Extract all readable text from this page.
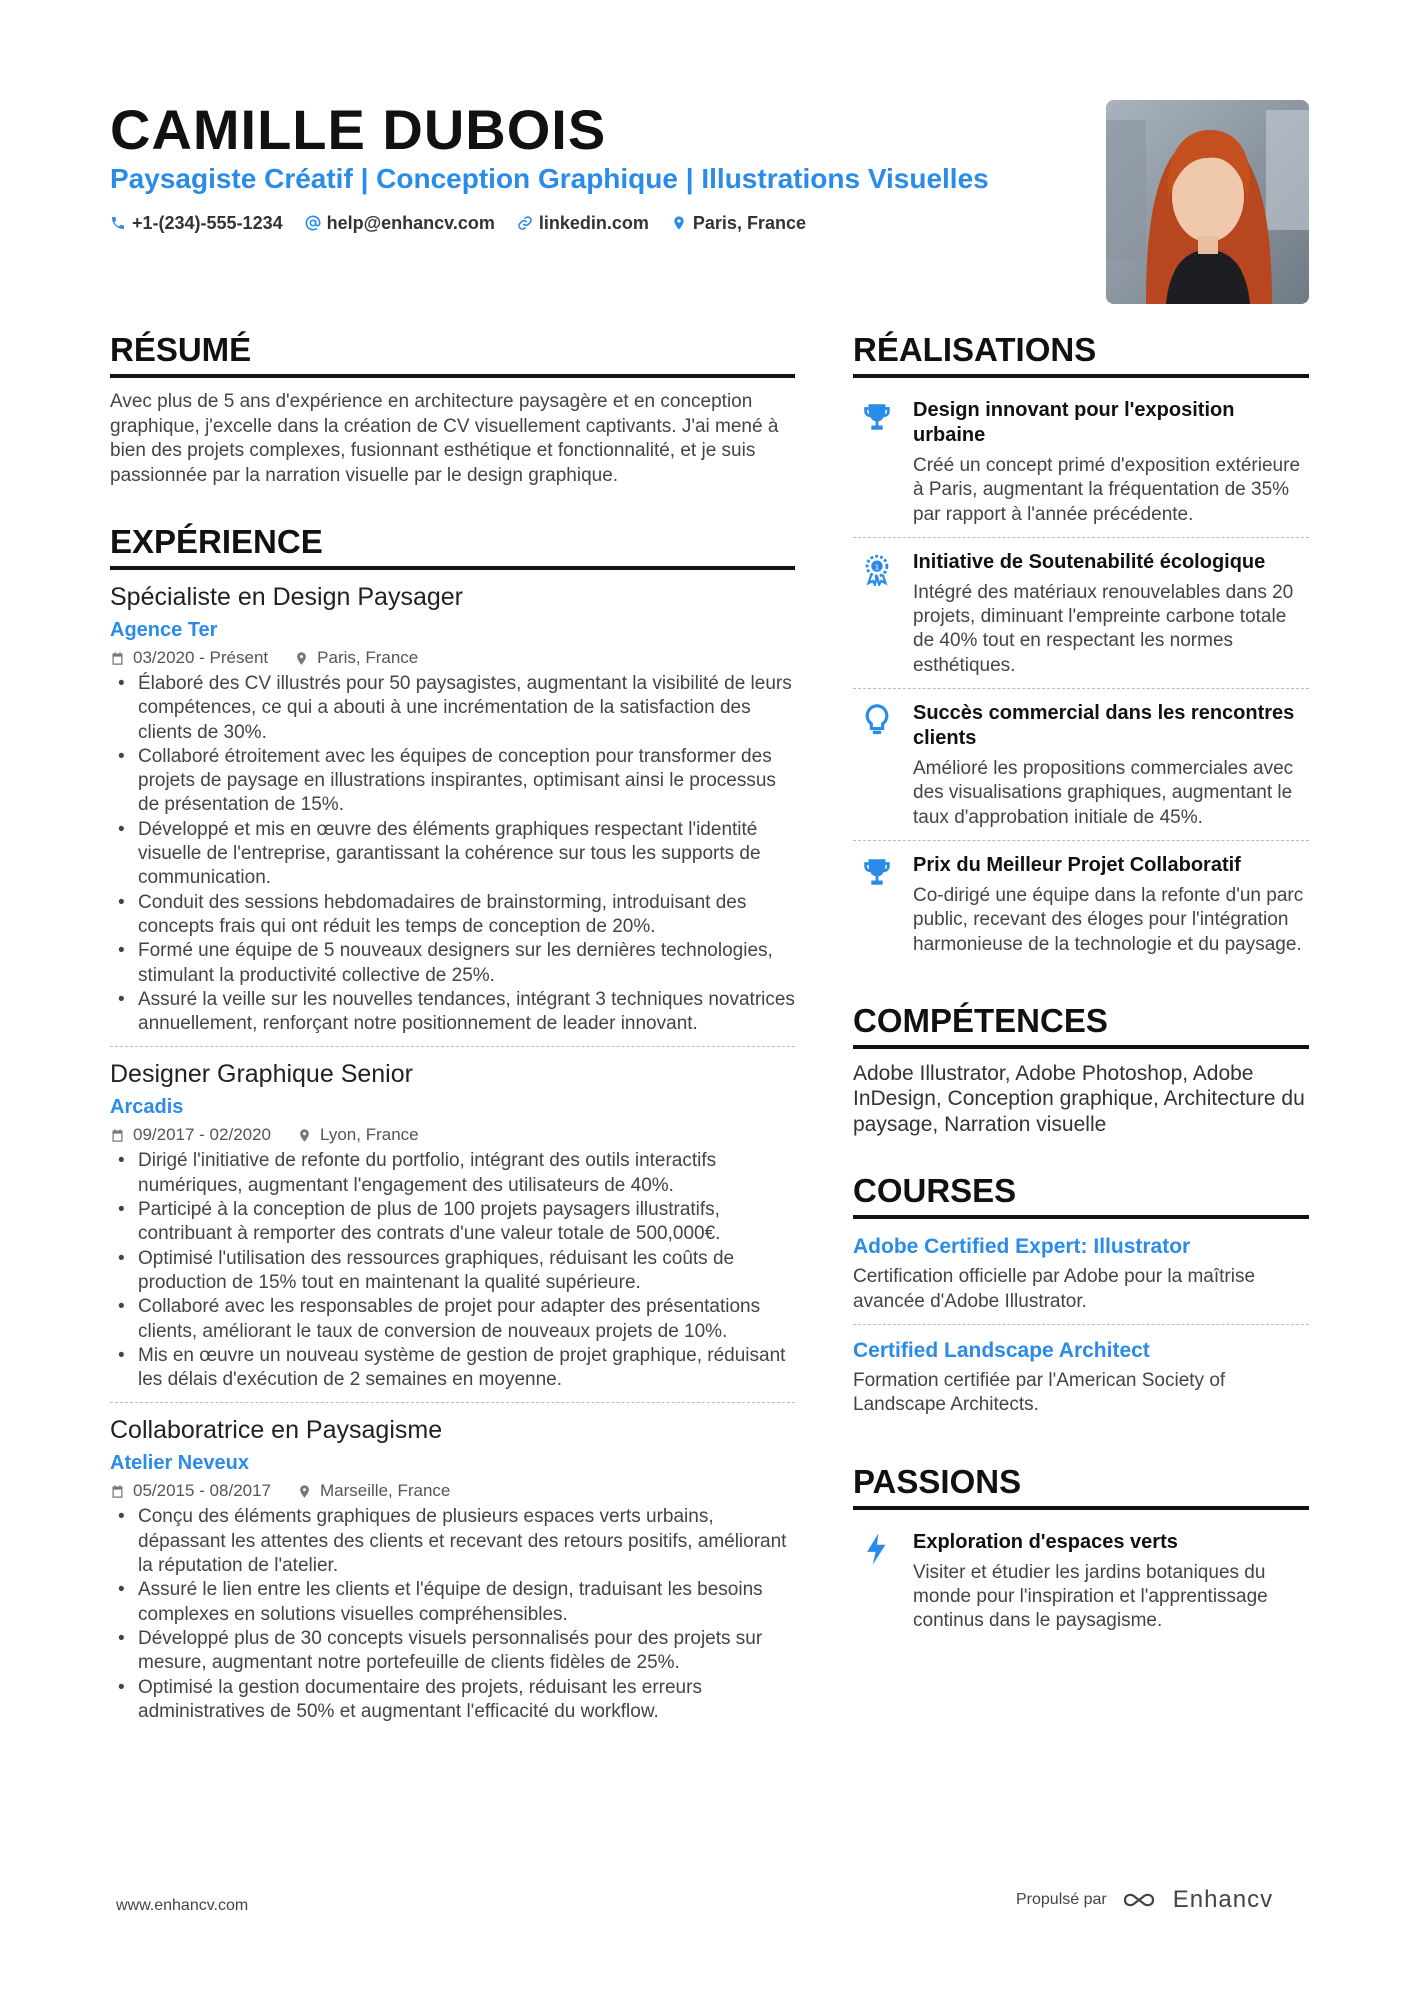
CAMILLE DUBOIS
Paysagiste Créatif | Conception Graphique | Illustrations Visuelles
+1-(234)-555-1234 help@enhancv.com linkedin.com Paris, France
RÉSUMÉ

Avec plus de 5 ans d'expérience en architecture paysagère et en conception graphique, j'excelle dans la création de CV visuellement captivants. J'ai mené à bien des projets complexes, fusionnant esthétique et fonctionnalité, et je suis passionnée par la narration visuelle par le design graphique.

EXPÉRIENCE
Spécialiste en Design Paysager
Agence Ter
03/2020 - Présent	Paris, France
• Élaboré des CV illustrés pour 50 paysagistes, augmentant la visibilité de leurs compétences, ce qui a abouti à une incrémentation de la satisfaction des clients de 30%.
• Collaboré étroitement avec les équipes de conception pour transformer des projets de paysage en illustrations inspirantes, optimisant ainsi le processus de présentation de 15%.
• Développé et mis en œuvre des éléments graphiques respectant l'identité visuelle de l'entreprise, garantissant la cohérence sur tous les supports de communication.
• Conduit des sessions hebdomadaires de brainstorming, introduisant des concepts frais qui ont réduit les temps de conception de 20%.
• Formé une équipe de 5 nouveaux designers sur les dernières technologies, stimulant la productivité collective de 25%.
• Assuré la veille sur les nouvelles tendances, intégrant 3 techniques novatrices annuellement, renforçant notre positionnement de leader innovant.
Designer Graphique Senior
Arcadis
09/2017 - 02/2020	Lyon, France
• Dirigé l'initiative de refonte du portfolio, intégrant des outils interactifs numériques, augmentant l'engagement des utilisateurs de 40%.
• Participé à la conception de plus de 100 projets paysagers illustratifs, contribuant à remporter des contrats d'une valeur totale de 500,000€.
• Optimisé l'utilisation des ressources graphiques, réduisant les coûts de production de 15% tout en maintenant la qualité supérieure.
• Collaboré avec les responsables de projet pour adapter des présentations clients, améliorant le taux de conversion de nouveaux projets de 10%.
• Mis en œuvre un nouveau système de gestion de projet graphique, réduisant les délais d'exécution de 2 semaines en moyenne.
Collaboratrice en Paysagisme
Atelier Neveux
05/2015 - 08/2017	Marseille, France
• Conçu des éléments graphiques de plusieurs espaces verts urbains, dépassant les attentes des clients et recevant des retours positifs, améliorant la réputation de l'atelier.
• Assuré le lien entre les clients et l'équipe de design, traduisant les besoins complexes en solutions visuelles compréhensibles.
• Développé plus de 30 concepts visuels personnalisés pour des projets sur mesure, augmentant notre portefeuille de clients fidèles de 25%.
• Optimisé la gestion documentaire des projets, réduisant les erreurs administratives de 50% et augmentant l'efficacité du workflow.
RÉALISATIONS
Design innovant pour l'exposition urbaine
Créé un concept primé d'exposition extérieure à Paris, augmentant la fréquentation de 35% par rapport à l'année précédente.
1 Initiative de Soutenabilité écologique
Intégré des matériaux renouvelables dans 20 projets, diminuant l'empreinte carbone totale de 40% tout en respectant les normes esthétiques.
Succès commercial dans les rencontres clients
Amélioré les propositions commerciales avec des visualisations graphiques, augmentant le taux d'approbation initiale de 45%.
Prix du Meilleur Projet Collaboratif
Co-dirigé une équipe dans la refonte d'un parc public, recevant des éloges pour l'intégration harmonieuse de la technologie et du paysage.
COMPÉTENCES

Adobe Illustrator, Adobe Photoshop, Adobe InDesign, Conception graphique, Architecture du paysage, Narration visuelle

COURSES
Adobe Certified Expert: Illustrator
Certification officielle par Adobe pour la maîtrise avancée d'Adobe Illustrator.
Certified Landscape Architect
Formation certifiée par l'American Society of Landscape Architects.
PASSIONS
Exploration d'espaces verts
Visiter et étudier les jardins botaniques du monde pour l'inspiration et l'apprentissage continus dans le paysagisme.
www.enhancv.com	Propulsé par	Enhancv
